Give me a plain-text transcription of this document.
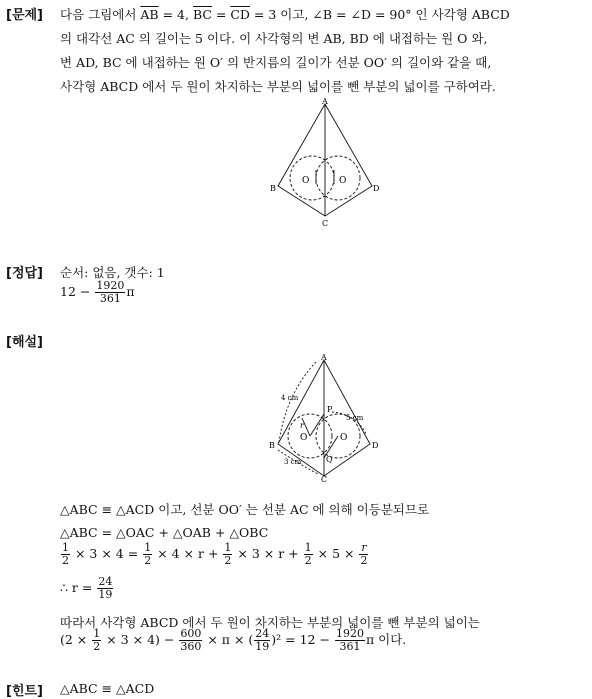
[문제] 다음 그림에서 $\overline{AB} = 4$, $\overline{BC} = \overline{CD} = 3$ 이고, ∠B = ∠D = 90° 인 사각형 ABCD
의 대각선 AC 의 길이는 5 이다. 이 사각형의 변 AB, BD 에 내접하는 원 O 와,
변 AD, BC 에 내접하는 원 O′ 의 반지름의 길이가 선분 OO′ 의 길이와 같을 때,
사각형 ABCD 에서 두 원이 차지하는 부분의 넓이를 뺀 부분의 넓이를 구하여라.
A
B
C
D
O	O
[정답] 순서: 없음, 갯수: 1
$12 - \frac{1920}{361}$ π
[해설]
A
B
C
D
O	O
P
Q
r
4 cm
5 cm
3 cm
△ABC ≡ △ACD 이고, 선분 OO′ 는 선분 AC 에 의해 이등분되므로
△ABC = △OAC + △OAB + △OBC
$\frac{1}{2} \times 3 \times 4 = \frac{1}{2} \times 4 \times r + \frac{1}{2} \times 3 \times r + \frac{1}{2} \times 5 \times \frac{r}{2}$
∴ $r = \frac{24}{19}$
따라서 사각형 ABCD 에서 두 원이 차지하는 부분의 넓이를 뺀 부분의 넓이는
$(2 \times \frac{1}{2} \times 3 \times 4) - \frac{600}{360} \times \pi$ × ( $\frac{24}{19} )^2 = 12 - \frac{1920}{361}$ π 이다.
[힌트] △ABC ≡ △ACD
